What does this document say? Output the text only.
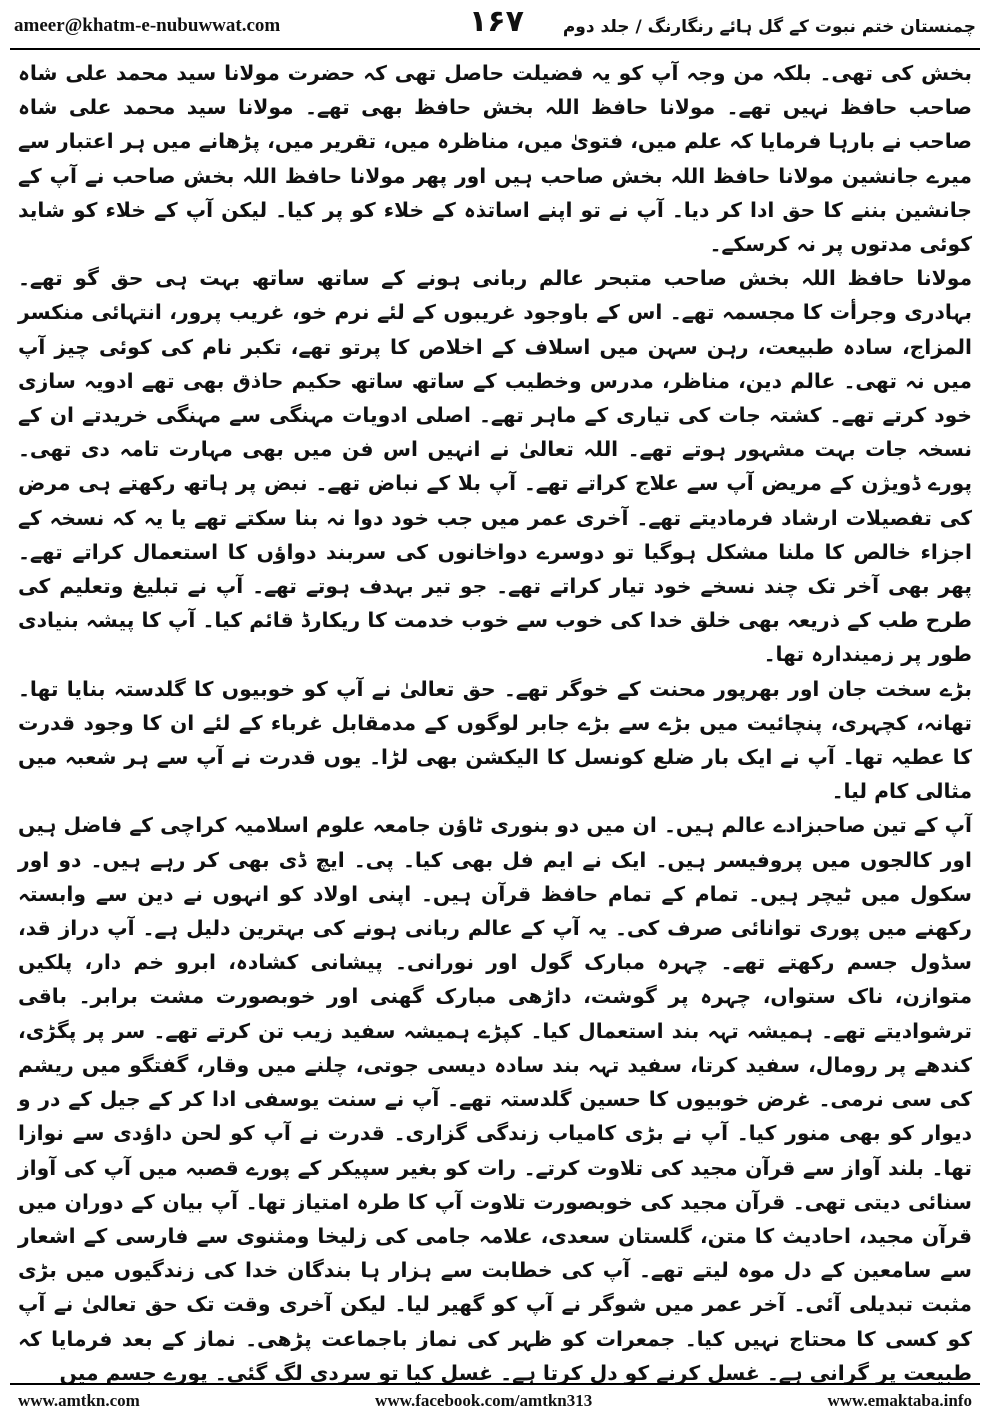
ameer@khatm-e-nubuwwat.com	۱۶۷ چمنستان ختم نبوت کے گل ہائے رنگارنگ / جلد دوم

بخش کی تھی۔ بلکہ من وجہ آپ کو یہ فضیلت حاصل تھی کہ حضرت مولانا سید محمد علی شاہ صاحب حافظ نہیں تھے۔ مولانا حافظ اللہ بخش حافظ بھی تھے۔ مولانا سید محمد علی شاہ صاحب نے بارہا فرمایا کہ علم میں، فتویٰ میں، مناظرہ میں، تقریر میں، پڑھانے میں ہر اعتبار سے میرے جانشین مولانا حافظ اللہ بخش صاحب ہیں اور پھر مولانا حافظ اللہ بخش صاحب نے آپ کے جانشین بننے کا حق ادا کر دیا۔ آپ نے تو اپنے اساتذہ کے خلاء کو پر کیا۔ لیکن آپ کے خلاء کو شاید کوئی مدتوں پر نہ کرسکے۔

مولانا حافظ اللہ بخش صاحب متبحر عالم ربانی ہونے کے ساتھ ساتھ بہت ہی حق گو تھے۔ بہادری وجرأت کا مجسمہ تھے۔ اس کے باوجود غریبوں کے لئے نرم خو، غریب پرور، انتہائی منکسر المزاج، سادہ طبیعت، رہن سہن میں اسلاف کے اخلاص کا پرتو تھے، تکبر نام کی کوئی چیز آپ میں نہ تھی۔ عالم دین، مناظر، مدرس وخطیب کے ساتھ ساتھ حکیم حاذق بھی تھے ادویہ سازی خود کرتے تھے۔ کشتہ جات کی تیاری کے ماہر تھے۔ اصلی ادویات مہنگی سے مہنگی خریدتے ان کے نسخہ جات بہت مشہور ہوتے تھے۔ اللہ تعالیٰ نے انہیں اس فن میں بھی مہارت تامہ دی تھی۔ پورے ڈویژن کے مریض آپ سے علاج کراتے تھے۔ آپ بلا کے نباض تھے۔ نبض پر ہاتھ رکھتے ہی مرض کی تفصیلات ارشاد فرمادیتے تھے۔ آخری عمر میں جب خود دوا نہ بنا سکتے تھے یا یہ کہ نسخہ کے اجزاء خالص کا ملنا مشکل ہوگیا تو دوسرے دواخانوں کی سربند دواؤں کا استعمال کراتے تھے۔ پھر بھی آخر تک چند نسخے خود تیار کراتے تھے۔ جو تیر بہدف ہوتے تھے۔ آپ نے تبلیغ وتعلیم کی طرح طب کے ذریعہ بھی خلق خدا کی خوب سے خوب خدمت کا ریکارڈ قائم کیا۔ آپ کا پیشہ بنیادی طور پر زمیندارہ تھا۔

بڑے سخت جان اور بھرپور محنت کے خوگر تھے۔ حق تعالیٰ نے آپ کو خوبیوں کا گلدستہ بنایا تھا۔ تھانہ، کچہری، پنچائیت میں بڑے سے بڑے جابر لوگوں کے مدمقابل غرباء کے لئے ان کا وجود قدرت کا عطیہ تھا۔ آپ نے ایک بار ضلع کونسل کا الیکشن بھی لڑا۔ یوں قدرت نے آپ سے ہر شعبہ میں مثالی کام لیا۔

آپ کے تین صاحبزادے عالم ہیں۔ ان میں دو بنوری ٹاؤن جامعہ علوم اسلامیہ کراچی کے فاضل ہیں اور کالجوں میں پروفیسر ہیں۔ ایک نے ایم فل بھی کیا۔ پی۔ ایچ ڈی بھی کر رہے ہیں۔ دو اور سکول میں ٹیچر ہیں۔ تمام کے تمام حافظ قرآن ہیں۔ اپنی اولاد کو انہوں نے دین سے وابستہ رکھنے میں پوری توانائی صرف کی۔ یہ آپ کے عالم ربانی ہونے کی بہترین دلیل ہے۔ آپ دراز قد، سڈول جسم رکھتے تھے۔ چہرہ مبارک گول اور نورانی۔ پیشانی کشادہ، ابرو خم دار، پلکیں متوازن، ناک ستواں، چہرہ پر گوشت، داڑھی مبارک گھنی اور خوبصورت مشت برابر۔ باقی ترشوادیتے تھے۔ ہمیشہ تہہ بند استعمال کیا۔ کپڑے ہمیشہ سفید زیب تن کرتے تھے۔ سر پر پگڑی، کندھے پر رومال، سفید کرتا، سفید تہہ بند سادہ دیسی جوتی، چلنے میں وقار، گفتگو میں ریشم کی سی نرمی۔ غرض خوبیوں کا حسین گلدستہ تھے۔ آپ نے سنت یوسفی ادا کر کے جیل کے در و دیوار کو بھی منور کیا۔ آپ نے بڑی کامیاب زندگی گزاری۔ قدرت نے آپ کو لحن داؤدی سے نوازا تھا۔ بلند آواز سے قرآن مجید کی تلاوت کرتے۔ رات کو بغیر سپیکر کے پورے قصبہ میں آپ کی آواز سنائی دیتی تھی۔ قرآن مجید کی خوبصورت تلاوت آپ کا طرہ امتیاز تھا۔ آپ بیان کے دوران میں قرآن مجید، احادیث کا متن، گلستان سعدی، علامہ جامی کی زلیخا ومثنوی سے فارسی کے اشعار سے سامعین کے دل موہ لیتے تھے۔ آپ کی خطابت سے ہزار ہا بندگان خدا کی زندگیوں میں بڑی مثبت تبدیلی آئی۔ آخر عمر میں شوگر نے آپ کو گھیر لیا۔ لیکن آخری وقت تک حق تعالیٰ نے آپ کو کسی کا محتاج نہیں کیا۔ جمعرات کو ظہر کی نماز باجماعت پڑھی۔ نماز کے بعد فرمایا کہ طبیعت پر گرانی ہے۔ غسل کرنے کو دل کرتا ہے۔ غسل کیا تو سردی لگ گئی۔ پورے جسم میں

www.amtkn.com	www.facebook.com/amtkn313	www.emaktaba.info
